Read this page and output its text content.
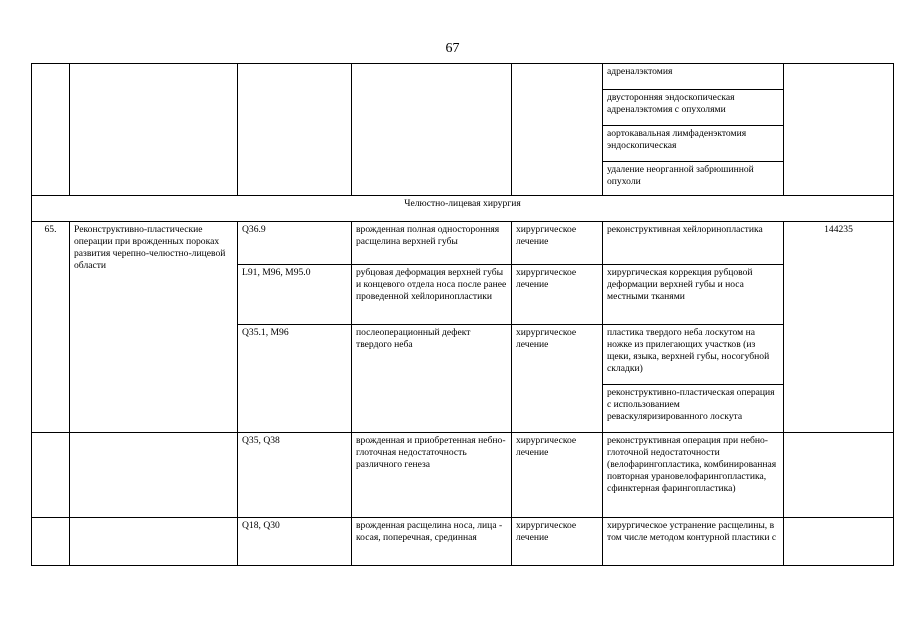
67
					адреналэктомия	
					двусторонняя эндоскопическая адреналэктомия с опухолями	
					аортокавальная лимфаденэктомия эндоскопическая	
					удаление неорганной забрюшинной опухоли	
Челюстно-лицевая хирургия						
65.	Реконструктивно-пластические операции при врожденных пороках развития черепно-челюстно-лицевой области	Q36.9	врожденная полная односторонняя расщелина верхней губы	хирургическое лечение	реконструктивная хейлоринопластика	144235
		L91, M96, M95.0	рубцовая деформация верхней губы и концевого отдела носа после ранее проведенной хейлоринопластики	хирургическое лечение	хирургическая коррекция рубцовой деформации верхней губы и носа местными тканями	
		Q35.1, M96	послеоперационный дефект твердого неба	хирургическое лечение	пластика твердого неба лоскутом на ножке из прилегающих участков (из щеки, языка, верхней губы, носогубной складки)	
					реконструктивно-пластическая операция с использованием реваскуляризированного лоскута	

		Q35, Q38	врожденная и приобретенная небно-глоточная недостаточность различного генеза	хирургическое лечение	реконструктивная операция при небно-глоточной недостаточности (велофарингопластика, комбинированная повторная урановелофарингопластика, сфинктерная фарингопластика)	
		Q18, Q30	врожденная расщелина носа, лица - косая, поперечная, срединная	хирургическое лечение	хирургическое устранение расщелины, в том числе методом контурной пластики с	
